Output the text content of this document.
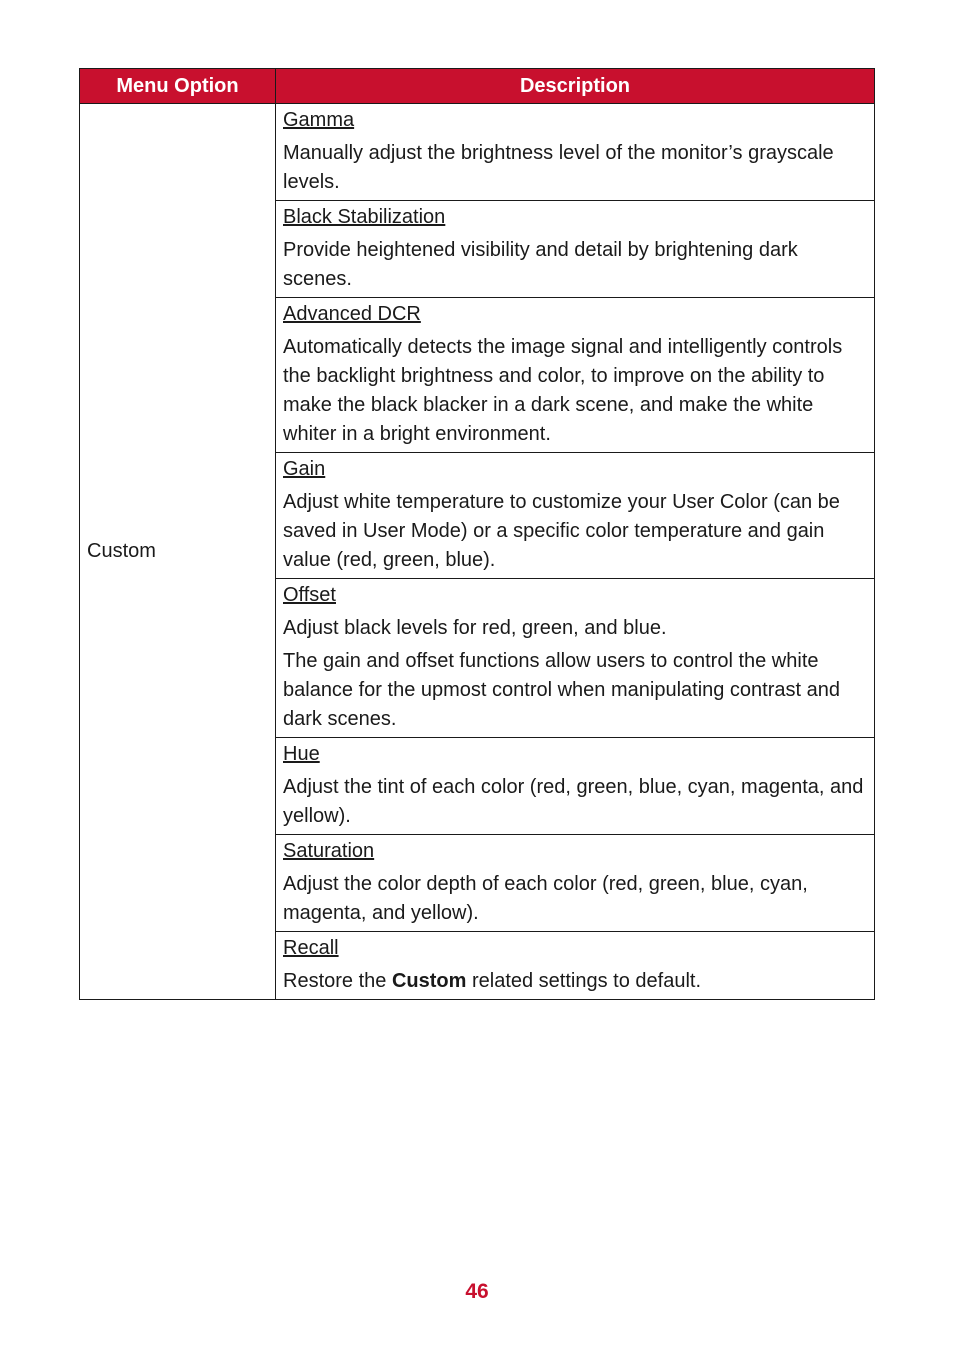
Menu Option	Description
Custom	Gamma
Manually adjust the brightness level of the monitor’s grayscale levels.

	Black Stabilization
Provide heightened visibility and detail by brightening dark scenes.

	Advanced DCR
Automatically detects the image signal and intelligently controls the backlight brightness and color, to improve on the ability to make the black blacker in a dark scene, and make the white whiter in a bright environment.

	Gain
Adjust white temperature to customize your User Color (can be saved in User Mode) or a specific color temperature and gain value (red, green, blue).

	Offset
Adjust black levels for red, green, and blue.
The gain and offset functions allow users to control the white balance for the upmost control when manipulating contrast and dark scenes.

	Hue
Adjust the tint of each color (red, green, blue, cyan, magenta, and yellow).

	Saturation
Adjust the color depth of each color (red, green, blue, cyan, magenta, and yellow).

	Recall
Restore the Custom related settings to default.
46
